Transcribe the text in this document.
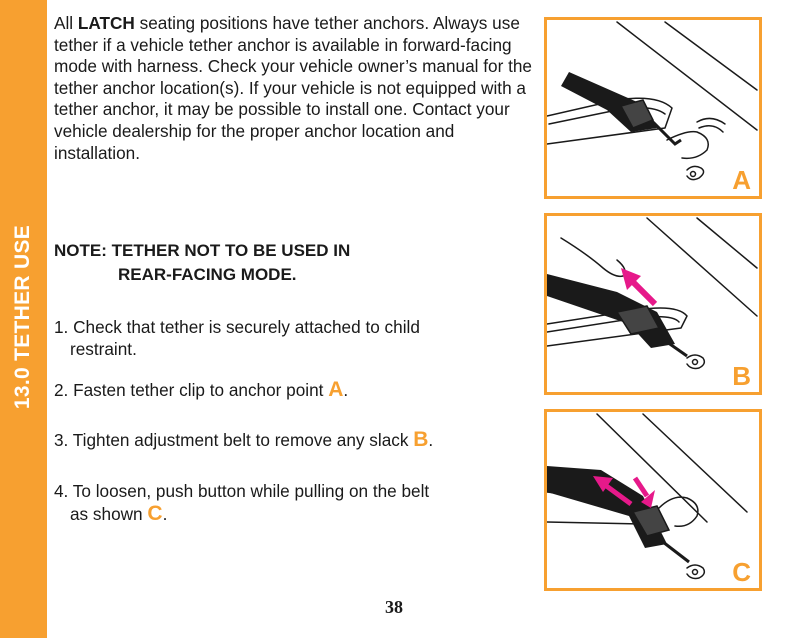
13.0 TETHER USE
All LATCH seating positions have tether anchors. Always use tether if a vehicle tether anchor is available in forward-facing mode with harness. Check your vehicle owner’s manual for the tether anchor location(s). If your vehicle is not equipped with a tether anchor, it may be possible to install one. Contact your vehicle dealership for the proper anchor location and installation.
NOTE: TETHER NOT TO BE USED IN
REAR-FACING MODE.
1. Check that tether is securely attached to child
restraint.
2. Fasten tether clip to anchor point A.
3. Tighten adjustment belt to remove any slack B.
4. To loosen, push button while pulling on the belt
as shown C.
A
B
C
38
